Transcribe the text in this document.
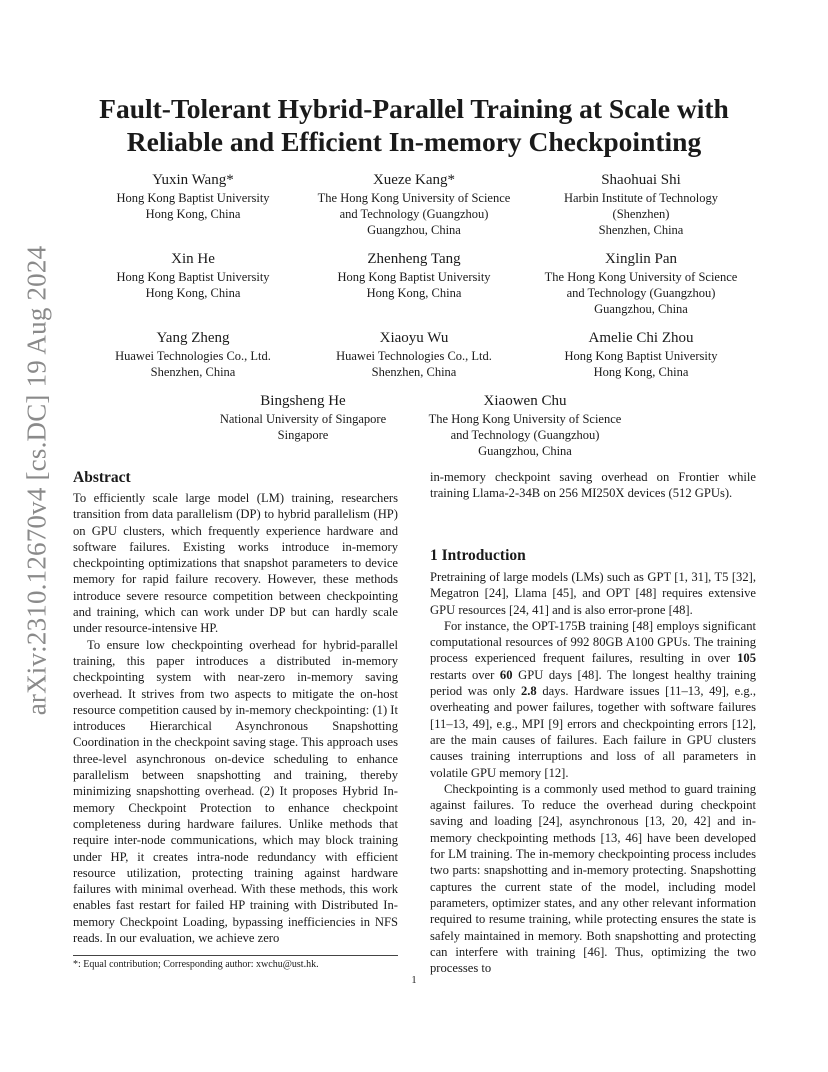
arXiv:2310.12670v4 [cs.DC] 19 Aug 2024
Fault-Tolerant Hybrid-Parallel Training at Scale with
Reliable and Efficient In-memory Checkpointing
Yuxin Wang*
Hong Kong Baptist University
Hong Kong, China
Xueze Kang*
The Hong Kong University of Science
and Technology (Guangzhou)
Guangzhou, China
Shaohuai Shi
Harbin Institute of Technology
(Shenzhen)
Shenzhen, China
Xin He
Hong Kong Baptist University
Hong Kong, China
Zhenheng Tang
Hong Kong Baptist University
Hong Kong, China
Xinglin Pan
The Hong Kong University of Science
and Technology (Guangzhou)
Guangzhou, China
Yang Zheng
Huawei Technologies Co., Ltd.
Shenzhen, China
Xiaoyu Wu
Huawei Technologies Co., Ltd.
Shenzhen, China
Amelie Chi Zhou
Hong Kong Baptist University
Hong Kong, China
Bingsheng He
National University of Singapore
Singapore
Xiaowen Chu
The Hong Kong University of Science
and Technology (Guangzhou)
Guangzhou, China
Abstract

To efficiently scale large model (LM) training, researchers transition from data parallelism (DP) to hybrid parallelism (HP) on GPU clusters, which frequently experience hardware and software failures. Existing works introduce in-memory checkpointing optimizations that snapshot parameters to device memory for rapid failure recovery. However, these methods introduce severe resource competition between checkpointing and training, which can work under DP but can hardly scale under resource-intensive HP.

To ensure low checkpointing overhead for hybrid-parallel training, this paper introduces a distributed in-memory checkpointing system with near-zero in-memory saving overhead. It strives from two aspects to mitigate the on-host resource competition caused by in-memory checkpointing: (1) It introduces Hierarchical Asynchronous Snapshotting Coordination in the checkpoint saving stage. This approach uses three-level asynchronous on-device scheduling to enhance parallelism between snapshotting and training, thereby minimizing snapshotting overhead. (2) It proposes Hybrid In-memory Checkpoint Protection to enhance checkpoint completeness during hardware failures. Unlike methods that require inter-node communications, which may block training under HP, it creates intra-node redundancy with efficient resource utilization, protecting training against hardware failures with minimal overhead. With these methods, this work enables fast restart for failed HP training with Distributed In-memory Checkpoint Loading, bypassing inefficiencies in NFS reads. In our evaluation, we achieve zero

in-memory checkpoint saving overhead on Frontier while training Llama-2-34B on 256 MI250X devices (512 GPUs).

1 Introduction

Pretraining of large models (LMs) such as GPT [1, 31], T5 [32], Megatron [24], Llama [45], and OPT [48] requires extensive GPU resources [24, 41] and is also error-prone [48].

For instance, the OPT-175B training [48] employs significant computational resources of 992 80GB A100 GPUs. The training process experienced frequent failures, resulting in over 105 restarts over 60 GPU days [48]. The longest healthy training period was only 2.8 days. Hardware issues [11–13, 49], e.g., overheating and power failures, together with software failures [11–13, 49], e.g., MPI [9] errors and checkpointing errors [12], are the main causes of failures. Each failure in GPU clusters causes training interruptions and loss of all parameters in volatile GPU memory [12].

Checkpointing is a commonly used method to guard training against failures. To reduce the overhead during checkpoint saving and loading [24], asynchronous [13, 20, 42] and in-memory checkpointing methods [13, 46] have been developed for LM training. The in-memory checkpointing process includes two parts: snapshotting and in-memory protecting. Snapshotting captures the current state of the model, including model parameters, optimizer states, and any other relevant information required to resume training, while protecting ensures the state is safely maintained in memory. Both snapshotting and protecting can interfere with training [46]. Thus, optimizing the two processes to

*: Equal contribution; Corresponding author: xwchu@ust.hk.
1
